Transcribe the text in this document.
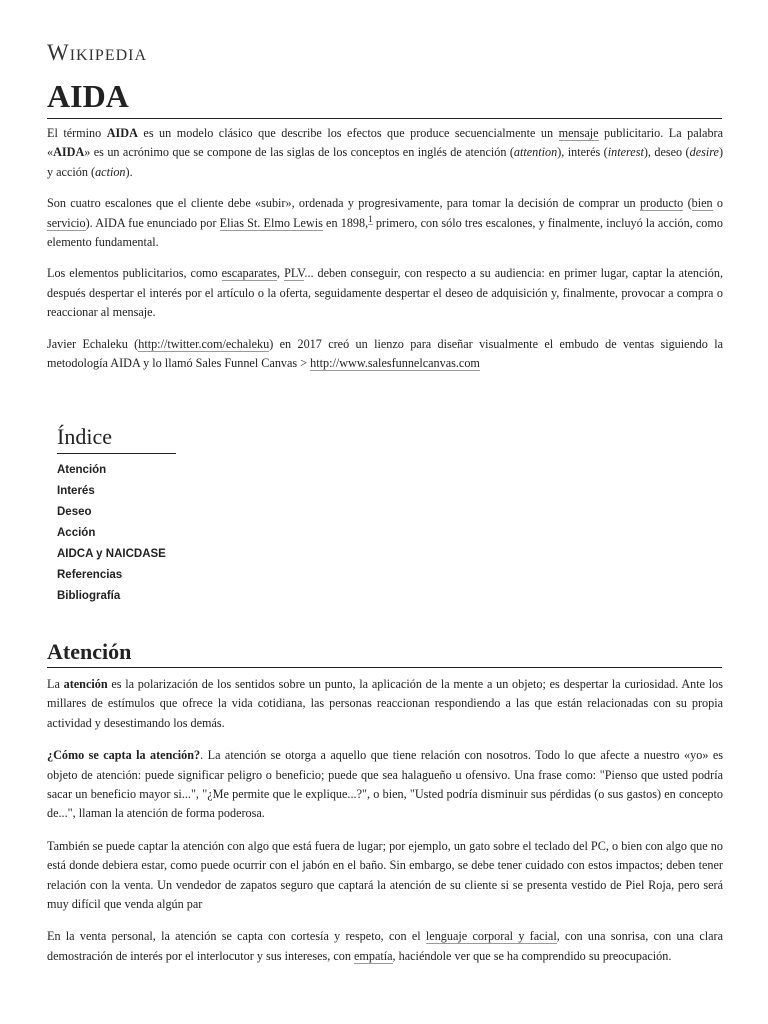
Wikipedia
AIDA

El término AIDA es un modelo clásico que describe los efectos que produce secuencialmente un mensaje publicitario. La palabra «AIDA» es un acrónimo que se compone de las siglas de los conceptos en inglés de atención (attention), interés (interest), deseo (desire) y acción (action).

Son cuatro escalones que el cliente debe «subir», ordenada y progresivamente, para tomar la decisión de comprar un producto (bien o servicio). AIDA fue enunciado por Elias St. Elmo Lewis en 1898,$^1$ primero, con sólo tres escalones, y finalmente, incluyó la acción, como elemento fundamental.

Los elementos publicitarios, como escaparates, PLV... deben conseguir, con respecto a su audiencia: en primer lugar, captar la atención, después despertar el interés por el artículo o la oferta, seguidamente despertar el deseo de adquisición y, finalmente, provocar a compra o reaccionar al mensaje.

Javier Echaleku (http://twitter.com/echaleku) en 2017 creó un lienzo para diseñar visualmente el embudo de ventas siguiendo la metodología AIDA y lo llamó Sales Funnel Canvas > http://www.salesfunnelcanvas.com

Índice
Atención
Interés
Deseo
Acción
AIDCA y NAICDASE
Referencias
Bibliografía
Atención

La atención es la polarización de los sentidos sobre un punto, la aplicación de la mente a un objeto; es despertar la curiosidad. Ante los millares de estímulos que ofrece la vida cotidiana, las personas reaccionan respondiendo a las que están relacionadas con su propia actividad y desestimando los demás.

¿Cómo se capta la atención?. La atención se otorga a aquello que tiene relación con nosotros. Todo lo que afecte a nuestro «yo» es objeto de atención: puede significar peligro o beneficio; puede que sea halagueño u ofensivo. Una frase como: "Pienso que usted podría sacar un beneficio mayor si...", "¿Me permite que le explique...?", o bien, "Usted podría disminuir sus pérdidas (o sus gastos) en concepto de...", llaman la atención de forma poderosa.

También se puede captar la atención con algo que está fuera de lugar; por ejemplo, un gato sobre el teclado del PC, o bien con algo que no está donde debiera estar, como puede ocurrir con el jabón en el baño. Sin embargo, se debe tener cuidado con estos impactos; deben tener relación con la venta. Un vendedor de zapatos seguro que captará la atención de su cliente si se presenta vestido de Piel Roja, pero será muy difícil que venda algún par

En la venta personal, la atención se capta con cortesía y respeto, con el lenguaje corporal y facial, con una sonrisa, con una clara demostración de interés por el interlocutor y sus intereses, con empatía, haciéndole ver que se ha comprendido su preocupación.
